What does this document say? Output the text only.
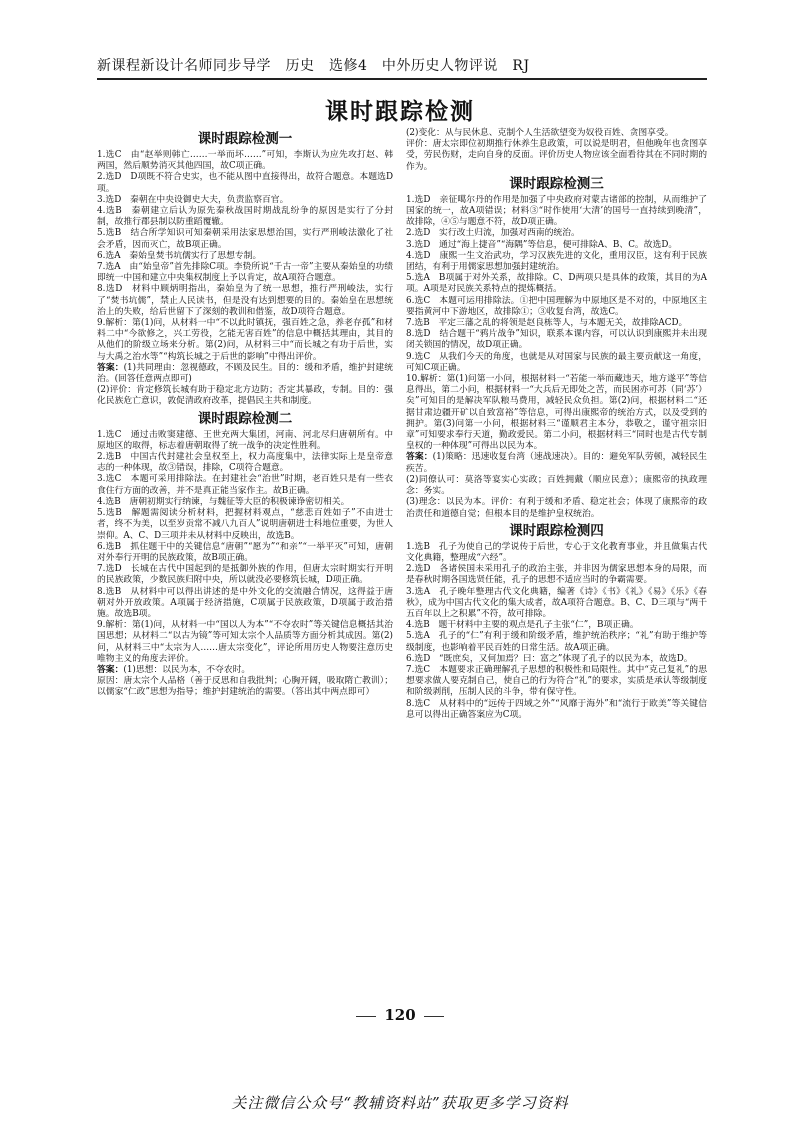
新课程新设计名师同步导学　历史　选修4　中外历史人物评说　RJ
课时跟踪检测
课时跟踪检测一

1.选C　由“赵举则韩亡……一举而坏……”可知，李斯认为应先攻打赵、韩两国，然后顺势消灭其他四国，故C项正确。

2.选D　D项既不符合史实，也不能从图中直接得出，故符合题意。本题选D项。

3.选D　秦朝在中央设御史大夫，负责监察百官。

4.选B　秦朝建立后认为原先秦秋战国时期战乱纷争的原因是实行了分封制，故推行郡县制以防重蹈覆辙。

5.选B　结合所学知识可知秦朝采用法家思想治国，实行严刑峻法激化了社会矛盾，因而灭亡，故B项正确。

6.选A　秦始皇焚书坑儒实行了思想专制。

7.选A　由“始皇帝”首先排除C项。李贽所说“千古一帝”主要从秦始皇的功绩即统一中国和建立中央集权制度上予以肯定，故A项符合题意。

8.选D　材料中顾炳明指出，秦始皇为了统一思想，推行严刑峻法，实行了“焚书坑儒”，禁止人民读书，但是没有达到想要的目的。秦始皇在思想统治上的失败，给后世留下了深刻的教训和借鉴，故D项符合题意。

9.解析：第(1)问，从材料一中“不以此时镇抚，强百姓之急，养老存孤”和材料二中“今欲修之，兴工劳役，乞能无害百姓”的信息中概括其理由，其目的从他们的阶级立场来分析。第(2)问，从材料三中“而长城之有功于后世，实与大禹之治水等”“构筑长城之于后世的影响”中得出评价。

答案：(1)共同理由：忽视德政，不顾及民生。目的：缓和矛盾，维护封建统治。(回答任意两点即可)

(2)评价：肯定修筑长城有助于稳定北方边防；否定其暴政，专制。目的：强化民族危亡意识，敦促清政府改革，提倡民主共和制度。

课时跟踪检测二

1.选C　通过击败窦建德、王世充两大集团，河南、河北尽归唐朝所有。中原地区的取得，标志着唐朝取得了统一战争的决定性胜利。

2.选B　中国古代封建社会皇权至上，权力高度集中，法律实际上是皇帝意志的一种体现，故③错误，排除，C项符合题意。

3.选C　本题可采用排除法。在封建社会“治世”时期，老百姓只是有一些衣食住行方面的改善，并不是真正能当家作主。故B正确。

4.选B　唐朝初期实行纳谏，与魏征等大臣的积极谏诤密切相关。

5.选B　解题需阅读分析材料，把握材料观点，“慈悲百姓如子”不由进士者，终不为美，以至岁贡常不减八九百人”说明唐朝进士科地位重要，为世人崇仰。A、C、D三项并未从材料中反映出，故选B。

6.选B　抓住题干中的关键信息“唐朝”“愿为”“和亲”“一举平灭”可知，唐朝对外奉行开明的民族政策，故B项正确。

7.选D　长城在古代中国起到的是抵御外族的作用，但唐太宗时期实行开明的民族政策，少数民族归附中央，所以就没必要修筑长城，D项正确。

8.选B　从材料中可以得出讲述的是中外文化的交流融合情况，这得益于唐朝对外开放政策。A项属于经济措施，C项属于民族政策，D项属于政治措施。故选B项。

9.解析：第(1)问，从材料一中“国以人为本”“不夺农时”等关键信息概括其治国思想；从材料二“以古为镜”等可知太宗个人品质等方面分析其成因。第(2)问，从材料三中“太宗为人……唐太宗变化”，评论所用历史人物要注意历史唯物主义的角度去评价。

答案：(1)思想：以民为本，不夺农时。

原因：唐太宗个人品格（善于反思和自我批判；心胸开阔，吸取隋亡教训）；以儒家“仁政”思想为指导；维护封建统治的需要。（答出其中两点即可）

(2)变化：从与民休息、克制个人生活欲望变为奴役百姓、贪图享受。

评价：唐太宗即位初期推行休养生息政策，可以说是明君，但他晚年也贪图享受，劳民伤财，走向自身的反面。评价历史人物应该全面看待其在不同时期的作为。

课时跟踪检测三

1.选D　亲征噶尔丹的作用是加强了中央政府对蒙古诸部的控制，从而维护了国家的统一，故A项错误；材料③“时作使用‘大清’的国号一直持续到晚清”，故排除，④⑤与题意不符，故D项正确。

2.选D　实行改土归流，加强对西南的统治。

3.选D　通过“海上捷音”“海隅”等信息，便可排除A、B、C。故选D。

4.选D　康熙一生文治武功，学习汉族先进的文化，重用汉臣，这有利于民族团结，有利于用儒家思想加强封建统治。

5.选A　B项属于对外关系，故排除。C、D两项只是具体的政策，其目的为A项。A项是对民族关系特点的提炼概括。

6.选C　本题可运用排除法。①把中国理解为中原地区是不对的，中原地区主要指黄河中下游地区，故排除①；③收复台湾，故选C。

7.选B　平定三藩之乱的将领是赵良栋等人，与本题无关，故排除ACD。

8.选D　结合题干“鸦片战争”知识，联系本课内容，可以认识到康熙并未出现闭关锁国的情况，故D项正确。

9.选C　从我们今天的角度，也就是从对国家与民族的最主要贡献这一角度，可知C项正确。

10.解析：第(1)问第一小问，根据材料一“若能一举而藏违天，地方遂平”等信息得出，第二小问，根据材料一“大兵后无即处之苦，而民困亦可苏（同‘苏’）矣”可知目的是解决军队粮马费用，减轻民众负担。第(2)问，根据材料二“还据甘肃边疆开矿以自致富裕”等信息，可得出康熙帝的统治方式，以及受到的拥护。第(3)问第一小问，根据材料三“谨顺君主本分，恭敬之，谨守祖宗旧章”可知要求奉行天道，勤政爱民。第二小问，根据材料三“同时也是古代专制皇权的一种体现”可得出以民为本。

答案：(1)策略：迅速收复台湾（速战速决）。目的：避免军队劳顿，减轻民生疾苦。

(2)同僚认可：莫洛等宴实心实政；百姓拥戴（顺应民意）；康熙帝的执政理念：务实。

(3)理念：以民为本。评价：有利于缓和矛盾、稳定社会；体现了康熙帝的政治责任和道德自觉；但根本目的是维护皇权统治。

课时跟踪检测四

1.选B　孔子为使自己的学说传于后世，专心于文化教育事业，并且做集古代文化典籍，整理成“六经”。

2.选D　各诸侯国未采用孔子的政治主张，并非因为儒家思想本身的局限，而是春秋时期各国选贤任能，孔子的思想不适应当时的争霸需要。

3.选A　孔子晚年整理古代文化典籍，编著《诗》《书》《礼》《易》《乐》《春秋》，成为中国古代文化的集大成者，故A项符合题意。B、C、D三项与“两千五百年以上之积累”不符，故可排除。

4.选B　题干材料中主要的观点是孔子主张“仁”，B项正确。

5.选A　孔子的“仁”有利于缓和阶级矛盾，维护统治秩序；“礼”有助于维护等级制度，也影响着平民百姓的日常生活。故A项正确。

6.选D　“既庶矣，又何加焉？曰：富之”体现了孔子的以民为本，故选D。

7.选C　本题要求正确理解孔子思想的积极性和局限性。其中“克己复礼”的思想要求做人要克制自己，使自己的行为符合“礼”的要求，实质是承认等级制度和阶级剥削，压制人民的斗争，带有保守性。

8.选C　从材料中的“远传于四域之外”“风靡于海外”和“流行于欧美”等关键信息可以得出正确答案应为C项。

120
关注微信公众号“教辅资料站”获取更多学习资料
